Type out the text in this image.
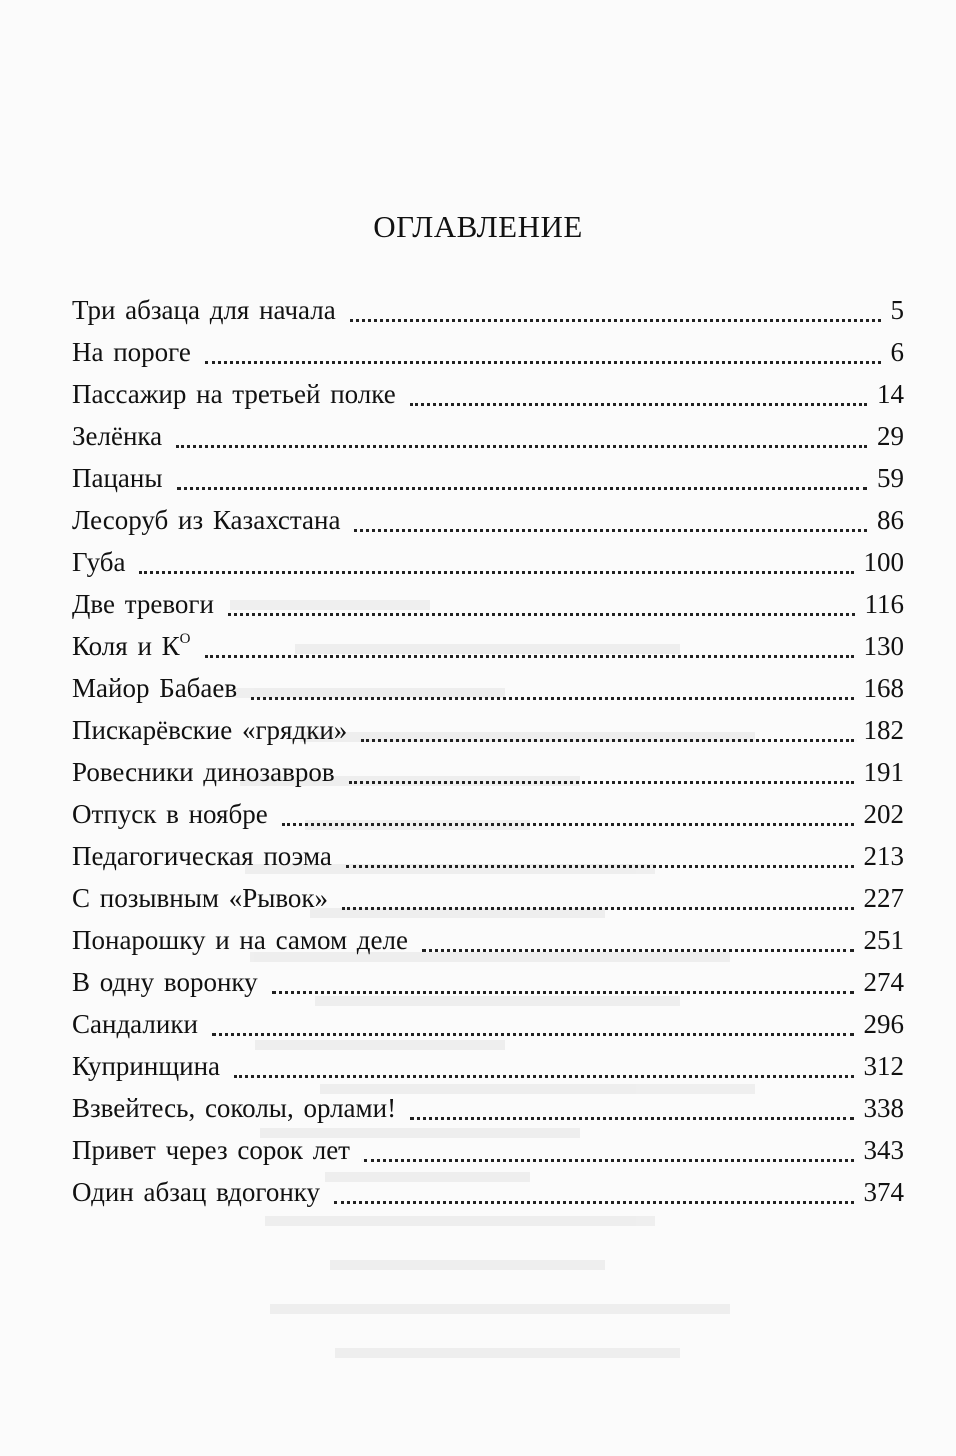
ОГЛАВЛЕНИЕ
Три абзаца для начала	5
На пороге	6
Пассажир на третьей полке	14
Зелёнка	29
Пацаны	59
Лесоруб из Казахстана	86
Губа	100
Две тревоги	116
Коля и $К^О$	130
Майор Бабаев	168
Пискарёвские «грядки»	182
Ровесники динозавров	191
Отпуск в ноябре	202
Педагогическая поэма	213
С позывным «Рывок»	227
Понарошку и на самом деле	251
В одну воронку	274
Сандалики	296
Купринщина	312
Взвейтесь, соколы, орлами!	338
Привет через сорок лет	343
Один абзац вдогонку	374
